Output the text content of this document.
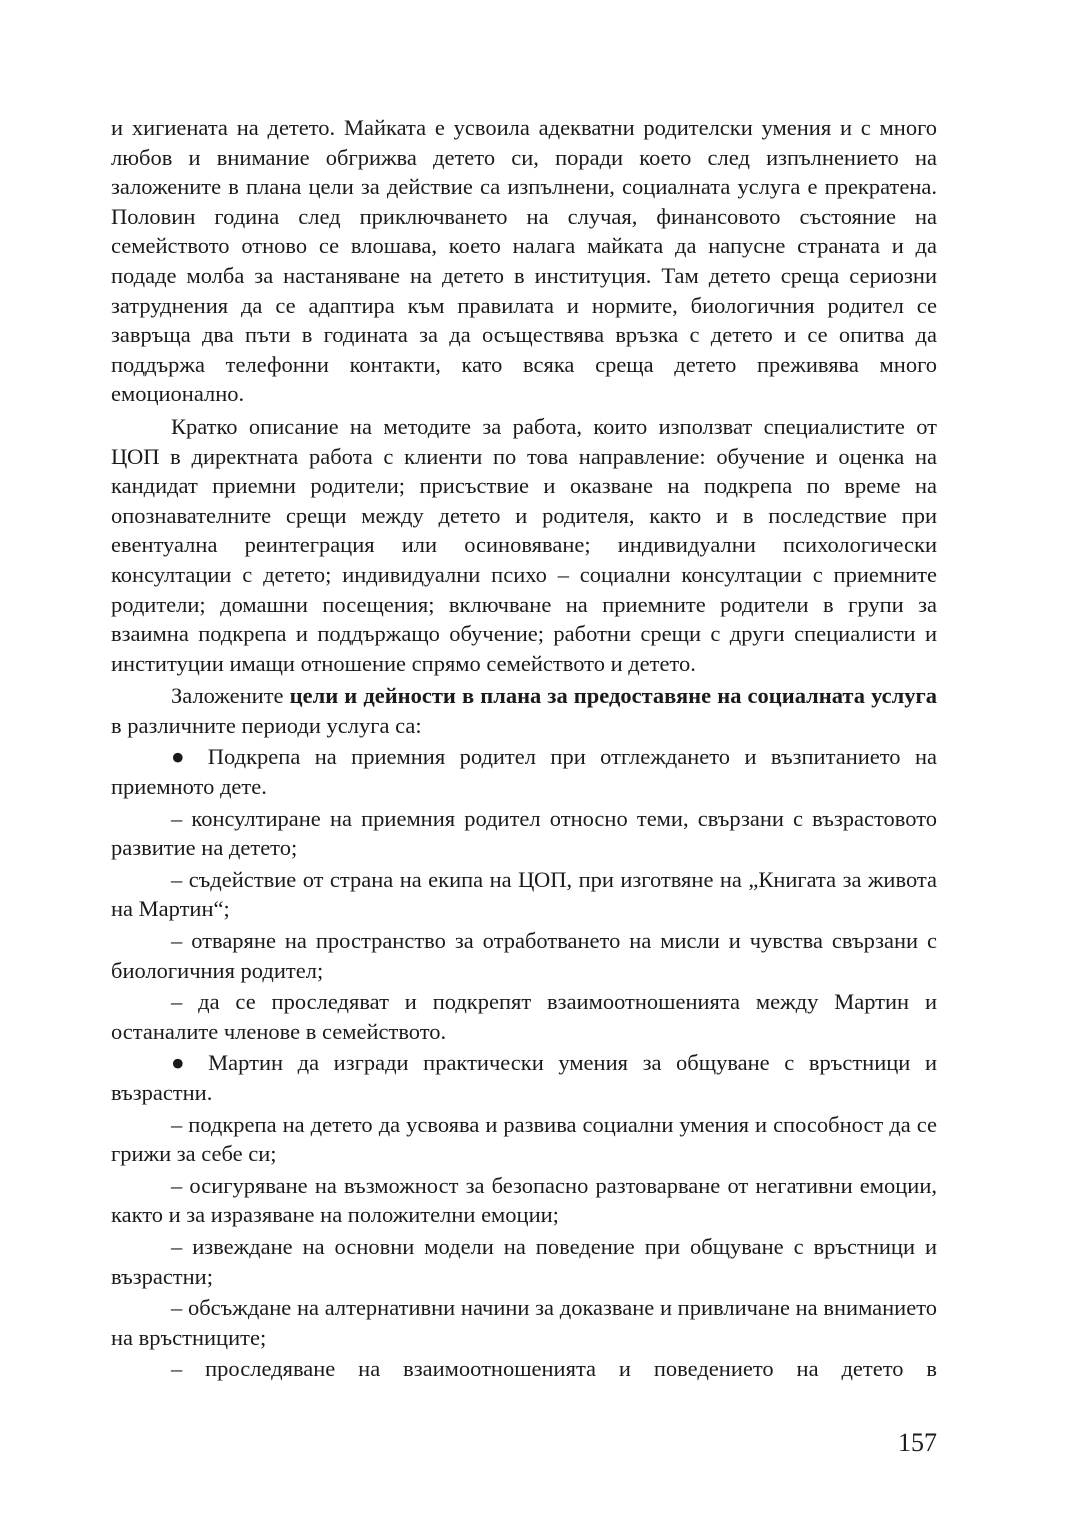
и хигиената на детето. Майката е усвоила адекватни родителски умения и с много любов и внимание обгрижва детето си, поради което след изпълнението на заложените в плана цели за действие са изпълнени, социалната услуга е прекратена. Половин година след приключването на случая, финансовото състояние на семейството отново се влошава, което налага майката да напусне страната и да подаде молба за настаняване на детето в институция. Там детето среща сериозни затруднения да се адаптира към правилата и нормите, биологичния родител се завръща два пъти в годината за да осъществява връзка с детето и се опитва да поддържа телефонни контакти, като всяка среща детето преживява много емоционално.

Кратко описание на методите за работа, които използват специалистите от ЦОП в директната работа с клиенти по това направление: обучение и оценка на кандидат приемни родители; присъствие и оказване на подкрепа по време на опознавателните срещи между детето и родителя, както и в последствие при евентуална реинтеграция или осиновяване; индивидуални психологически консултации с детето; индивидуални психо – социални консултации с приемните родители; домашни посещения; включване на приемните родители в групи за взаимна подкрепа и поддържащо обучение; работни срещи с други специалисти и институции имащи отношение спрямо семейството и детето.

Заложените цели и дейности в плана за предоставяне на социалната услуга в различните периоди услуга са:

● Подкрепа на приемния родител при отглеждането и възпитанието на приемното дете.

– консултиране на приемния родител относно теми, свързани с възрастовото развитие на детето;

– съдействие от страна на екипа на ЦОП, при изготвяне на „Книгата за живота на Мартин“;

– отваряне на пространство за отработването на мисли и чувства свързани с биологичния родител;

– да се проследяват и подкрепят взаимоотношенията между Мартин и останалите членове в семейството.

● Мартин да изгради практически умения за общуване с връстници и възрастни.

– подкрепа на детето да усвоява и развива социални умения и способност да се грижи за себе си;

– осигуряване на възможност за безопасно разтоварване от негативни емоции, както и за изразяване на положителни емоции;

– извеждане на основни модели на поведение при общуване с връстници и възрастни;

– обсъждане на алтернативни начини за доказване и привличане на вниманието на връстниците;

– проследяване на взаимоотношенията и поведението на детето в

157
